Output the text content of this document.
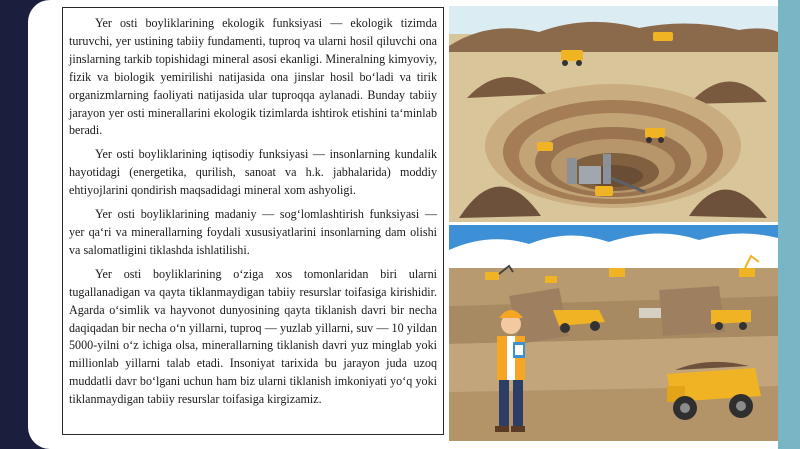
Yer osti boyliklarining ekologik funksiyasi — ekologik tizimda turuvchi, yer ustining tabiiy fundamenti, tuproq va ularni hosil qiluvchi ona jinslarning tarkib topishidagi mineral asosi ekanligi. Mineralning kimyoviy, fizik va biologik yemirilishi natijasida ona jinslar hosil bo‘ladi va tirik organizmlarning faoliyati natijasida ular tuproqqa aylanadi. Bunday tabiiy jarayon yer osti minerallarini ekologik tizimlarda ishtirok etishini ta‘minlab beradi.

Yer osti boyliklarining iqtisodiy funksiyasi — insonlarning kundalik hayotidagi (energetika, qurilish, sanoat va h.k. jabhalarida) moddiy ehtiyojlarini qondirish maqsadidagi mineral xom ashyoligi.

Yer osti boyliklarining madaniy — sog‘lomlashtirish funksiyasi — yer qa‘ri va minerallarning foydali xususiyatlarini insonlarning dam olishi va salomatligini tiklashda ishlatilishi.

Yer osti boyliklarining o‘ziga xos tomonlaridan biri ularni tugallanadigan va qayta tiklanmaydigan tabiiy resurslar toifasiga kirishidir. Agarda o‘simlik va hayvonot dunyosining qayta tiklanish davri bir necha daqiqadan bir necha o‘n yillarni, tuproq — yuzlab yillarni, suv — 10 yildan 5000-yilni o‘z ichiga olsa, minerallarning tiklanish davri yuz minglab yoki millionlab yillarni talab etadi. Insoniyat tarixida bu jarayon juda uzoq muddatli davr bo‘lgani uchun ham biz ularni tiklanish imkoniyati yo‘q yoki tiklanmaydigan tabiiy resurslar toifasiga kirgizamiz.
